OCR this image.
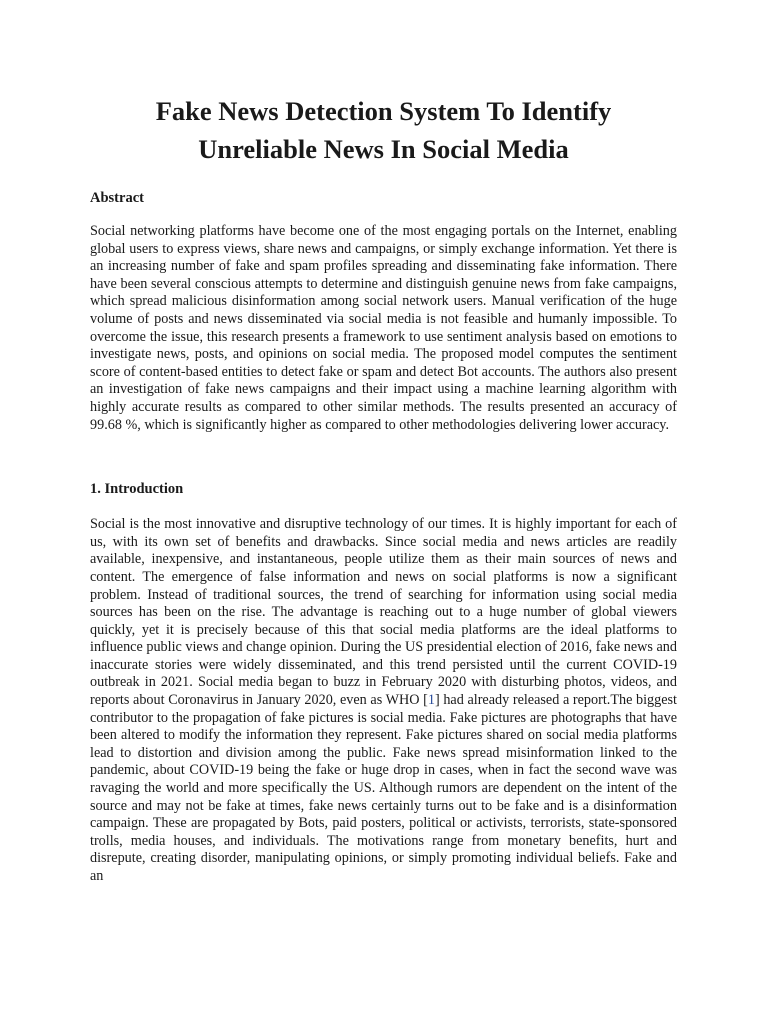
Fake News Detection System To Identify
Unreliable News In Social Media
Abstract

Social networking platforms have become one of the most engaging portals on the Internet, enabling global users to express views, share news and campaigns, or simply exchange information. Yet there is an increasing number of fake and spam profiles spreading and disseminating fake information. There have been several conscious attempts to determine and distinguish genuine news from fake campaigns, which spread malicious disinformation among social network users. Manual verification of the huge volume of posts and news disseminated via social media is not feasible and humanly impossible. To overcome the issue, this research presents a framework to use sentiment analysis based on emotions to investigate news, posts, and opinions on social media. The proposed model computes the sentiment score of content-based entities to detect fake or spam and detect Bot accounts. The authors also present an investigation of fake news campaigns and their impact using a machine learning algorithm with highly accurate results as compared to other similar methods. The results presented an accuracy of 99.68 %, which is significantly higher as compared to other methodologies delivering lower accuracy.

1. Introduction

Social is the most innovative and disruptive technology of our times. It is highly important for each of us, with its own set of benefits and drawbacks. Since social media and news articles are readily available, inexpensive, and instantaneous, people utilize them as their main sources of news and content. The emergence of false information and news on social platforms is now a significant problem. Instead of traditional sources, the trend of searching for information using social media sources has been on the rise. The advantage is reaching out to a huge number of global viewers quickly, yet it is precisely because of this that social media platforms are the ideal platforms to influence public views and change opinion. During the US presidential election of 2016, fake news and inaccurate stories were widely disseminated, and this trend persisted until the current COVID-19 outbreak in 2021. Social media began to buzz in February 2020 with disturbing photos, videos, and reports about Coronavirus in January 2020, even as WHO [1] had already released a report.The biggest contributor to the propagation of fake pictures is social media. Fake pictures are photographs that have been altered to modify the information they represent. Fake pictures shared on social media platforms lead to distortion and division among the public. Fake news spread misinformation linked to the pandemic, about COVID-19 being the fake or huge drop in cases, when in fact the second wave was ravaging the world and more specifically the US. Although rumors are dependent on the intent of the source and may not be fake at times, fake news certainly turns out to be fake and is a disinformation campaign. These are propagated by Bots, paid posters, political or activists, terrorists, state-sponsored trolls, media houses, and individuals. The motivations range from monetary benefits, hurt and disrepute, creating disorder, manipulating opinions, or simply promoting individual beliefs. Fake and an
